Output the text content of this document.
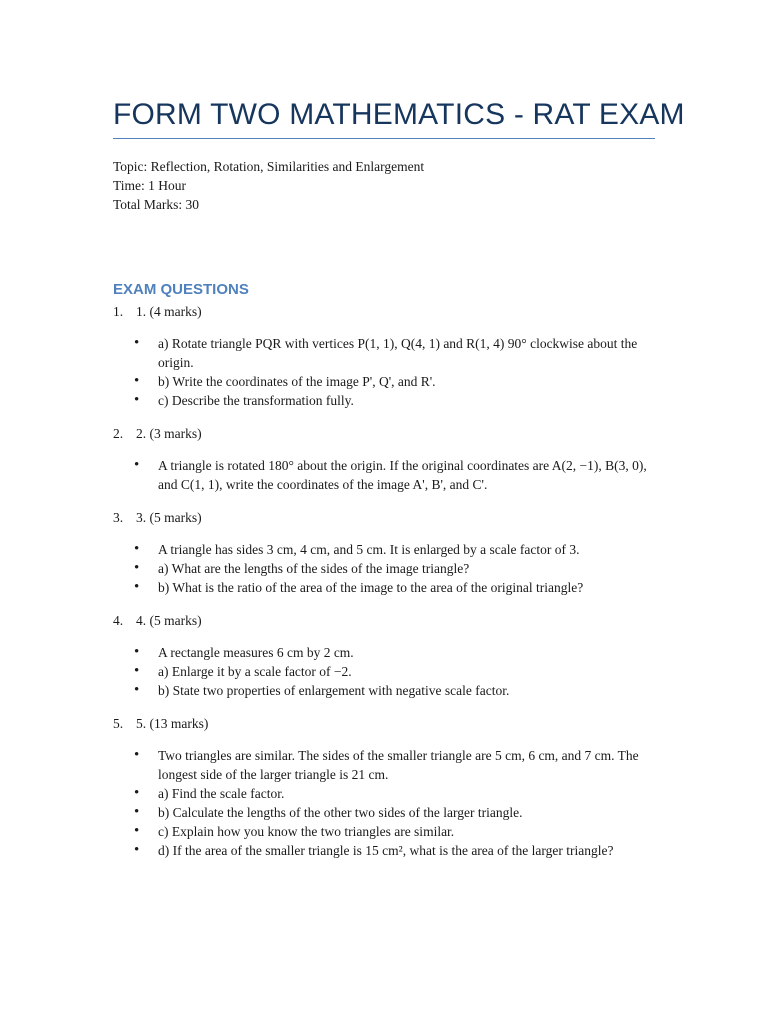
FORM TWO MATHEMATICS - RAT EXAM
Topic: Reflection, Rotation, Similarities and Enlargement
Time: 1 Hour
Total Marks: 30
EXAM QUESTIONS
1. 1. (4 marks)
•	a) Rotate triangle PQR with vertices P(1, 1), Q(4, 1) and R(1, 4) 90° clockwise about the origin.
•	b) Write the coordinates of the image P', Q', and R'.
•	c) Describe the transformation fully.
2. 2. (3 marks)
•	A triangle is rotated 180° about the origin. If the original coordinates are A(2, −1), B(3, 0), and C(1, 1), write the coordinates of the image A', B', and C'.
3. 3. (5 marks)
•	A triangle has sides 3 cm, 4 cm, and 5 cm. It is enlarged by a scale factor of 3.
•	a) What are the lengths of the sides of the image triangle?
•	b) What is the ratio of the area of the image to the area of the original triangle?
4. 4. (5 marks)
•	A rectangle measures 6 cm by 2 cm.
•	a) Enlarge it by a scale factor of −2.
•	b) State two properties of enlargement with negative scale factor.
5. 5. (13 marks)
•	Two triangles are similar. The sides of the smaller triangle are 5 cm, 6 cm, and 7 cm. The longest side of the larger triangle is 21 cm.
•	a) Find the scale factor.
•	b) Calculate the lengths of the other two sides of the larger triangle.
•	c) Explain how you know the two triangles are similar.
•	d) If the area of the smaller triangle is 15 cm², what is the area of the larger triangle?
